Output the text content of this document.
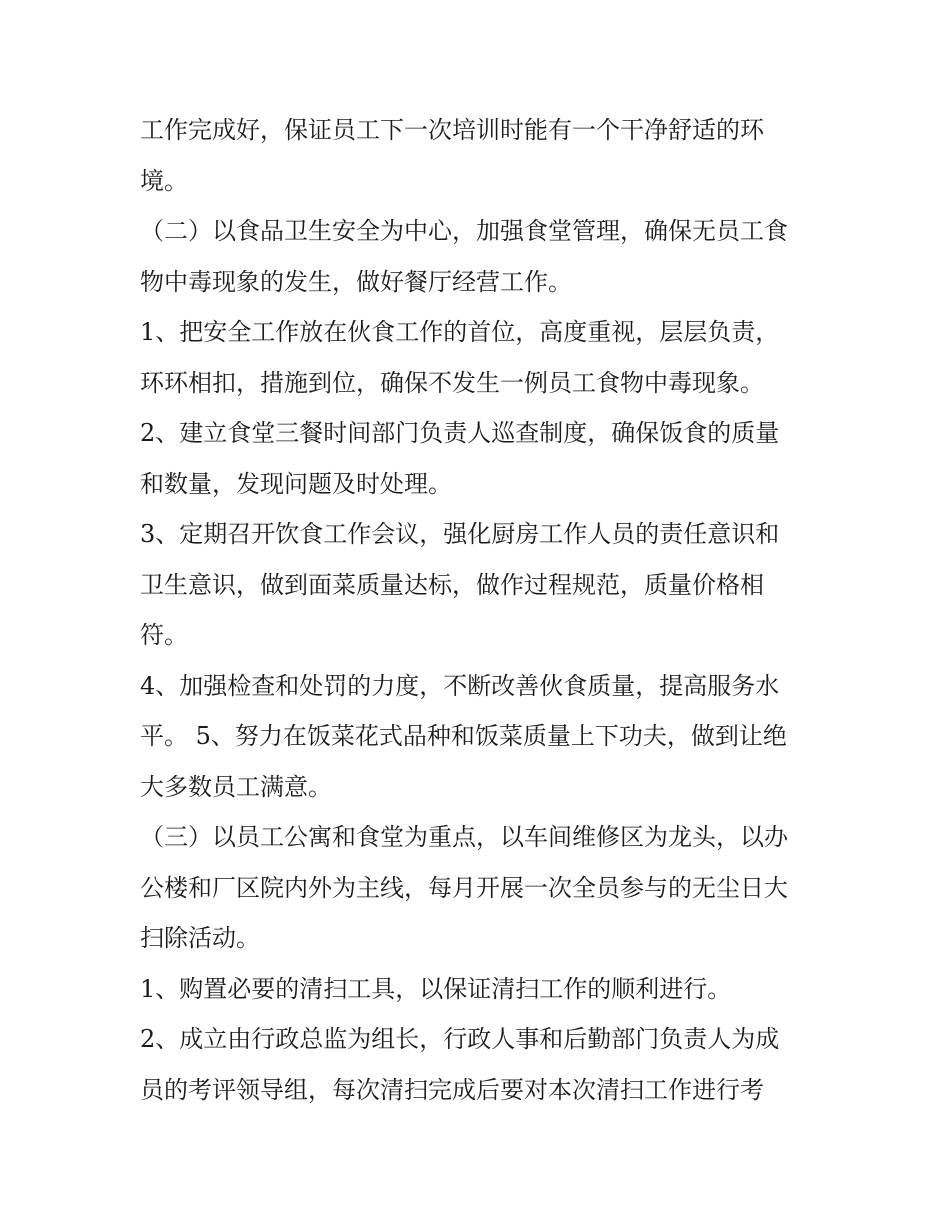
工作完成好，保证员工下一次培训时能有一个干净舒适的环
境。
（二）以食品卫生安全为中心，加强食堂管理，确保无员工食
物中毒现象的发生，做好餐厅经营工作。
1、把安全工作放在伙食工作的首位，高度重视，层层负责，
环环相扣，措施到位，确保不发生一例员工食物中毒现象。
2、建立食堂三餐时间部门负责人巡查制度，确保饭食的质量
和数量，发现问题及时处理。
3、定期召开饮食工作会议，强化厨房工作人员的责任意识和
卫生意识，做到面菜质量达标，做作过程规范，质量价格相
符。
4、加强检查和处罚的力度，不断改善伙食质量，提高服务水
平。 5、努力在饭菜花式品种和饭菜质量上下功夫，做到让绝
大多数员工满意。
（三）以员工公寓和食堂为重点，以车间维修区为龙头，以办
公楼和厂区院内外为主线，每月开展一次全员参与的无尘日大
扫除活动。
1、购置必要的清扫工具，以保证清扫工作的顺利进行。
2、成立由行政总监为组长，行政人事和后勤部门负责人为成
员的考评领导组，每次清扫完成后要对本次清扫工作进行考
